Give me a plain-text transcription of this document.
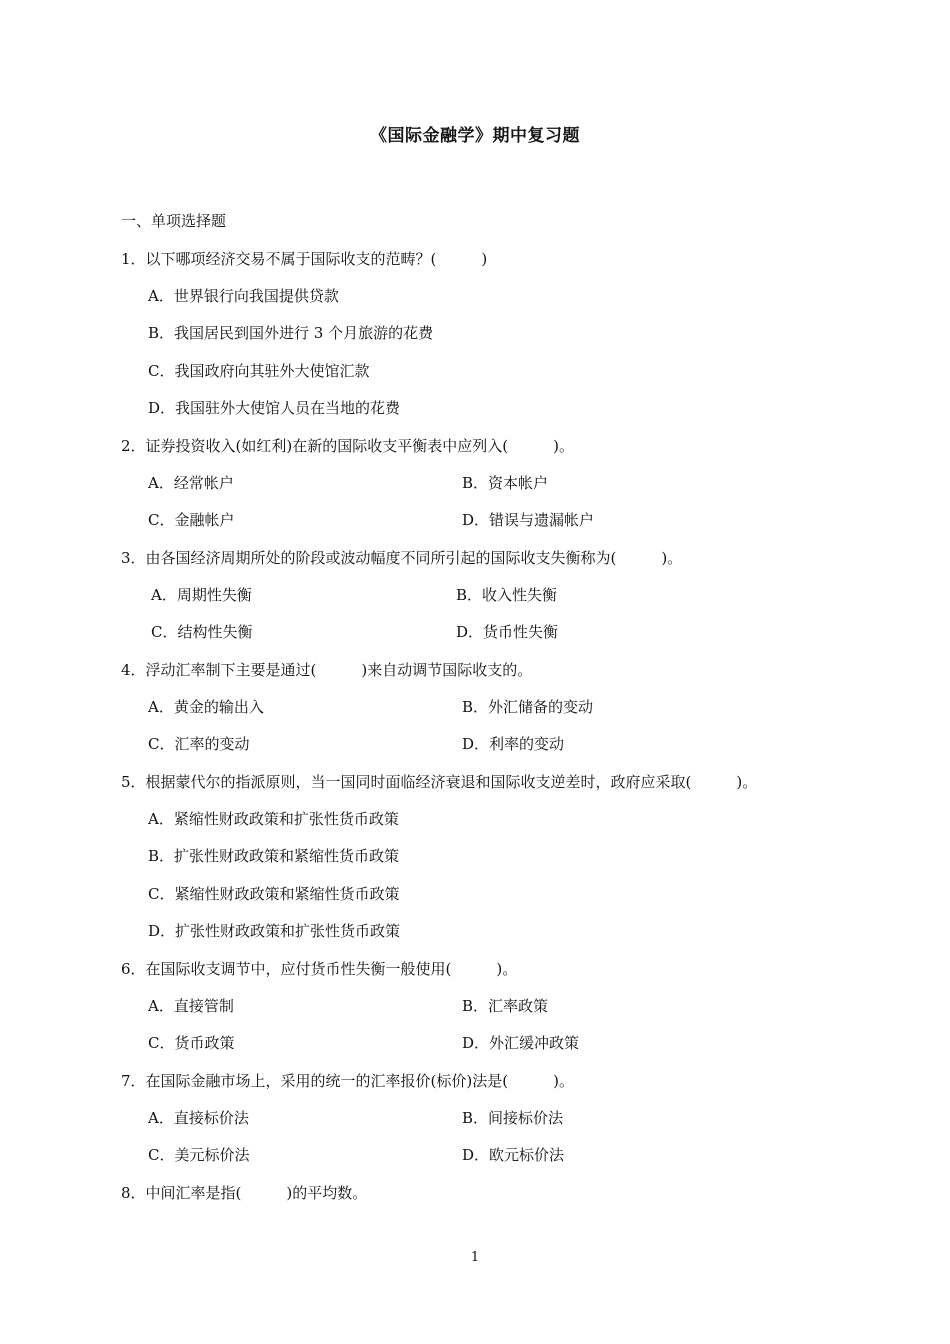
《国际金融学》期中复习题
一、单项选择题
1．以下哪项经济交易不属于国际收支的范畴？(　　　)
A．世界银行向我国提供贷款
B．我国居民到国外进行 3 个月旅游的花费
C．我国政府向其驻外大使馆汇款
D．我国驻外大使馆人员在当地的花费
2．证券投资收入(如红利)在新的国际收支平衡表中应列入(　　　)。
A．经常帐户	B．资本帐户
C．金融帐户	D．错误与遗漏帐户
3．由各国经济周期所处的阶段或波动幅度不同所引起的国际收支失衡称为(　　　)。
A．周期性失衡	B．收入性失衡
C．结构性失衡	D．货币性失衡
4．浮动汇率制下主要是通过(　　　)来自动调节国际收支的。
A．黄金的输出入	B．外汇储备的变动
C．汇率的变动	D．利率的变动
5．根据蒙代尔的指派原则，当一国同时面临经济衰退和国际收支逆差时，政府应采取(　　　)。
A．紧缩性财政政策和扩张性货币政策
B．扩张性财政政策和紧缩性货币政策
C．紧缩性财政政策和紧缩性货币政策
D．扩张性财政政策和扩张性货币政策
6．在国际收支调节中，应付货币性失衡一般使用(　　　)。
A．直接管制	B．汇率政策
C．货币政策	D．外汇缓冲政策
7．在国际金融市场上，采用的统一的汇率报价(标价)法是(　　　)。
A．直接标价法	B．间接标价法
C．美元标价法	D．欧元标价法
8．中间汇率是指(　　　)的平均数。
1
